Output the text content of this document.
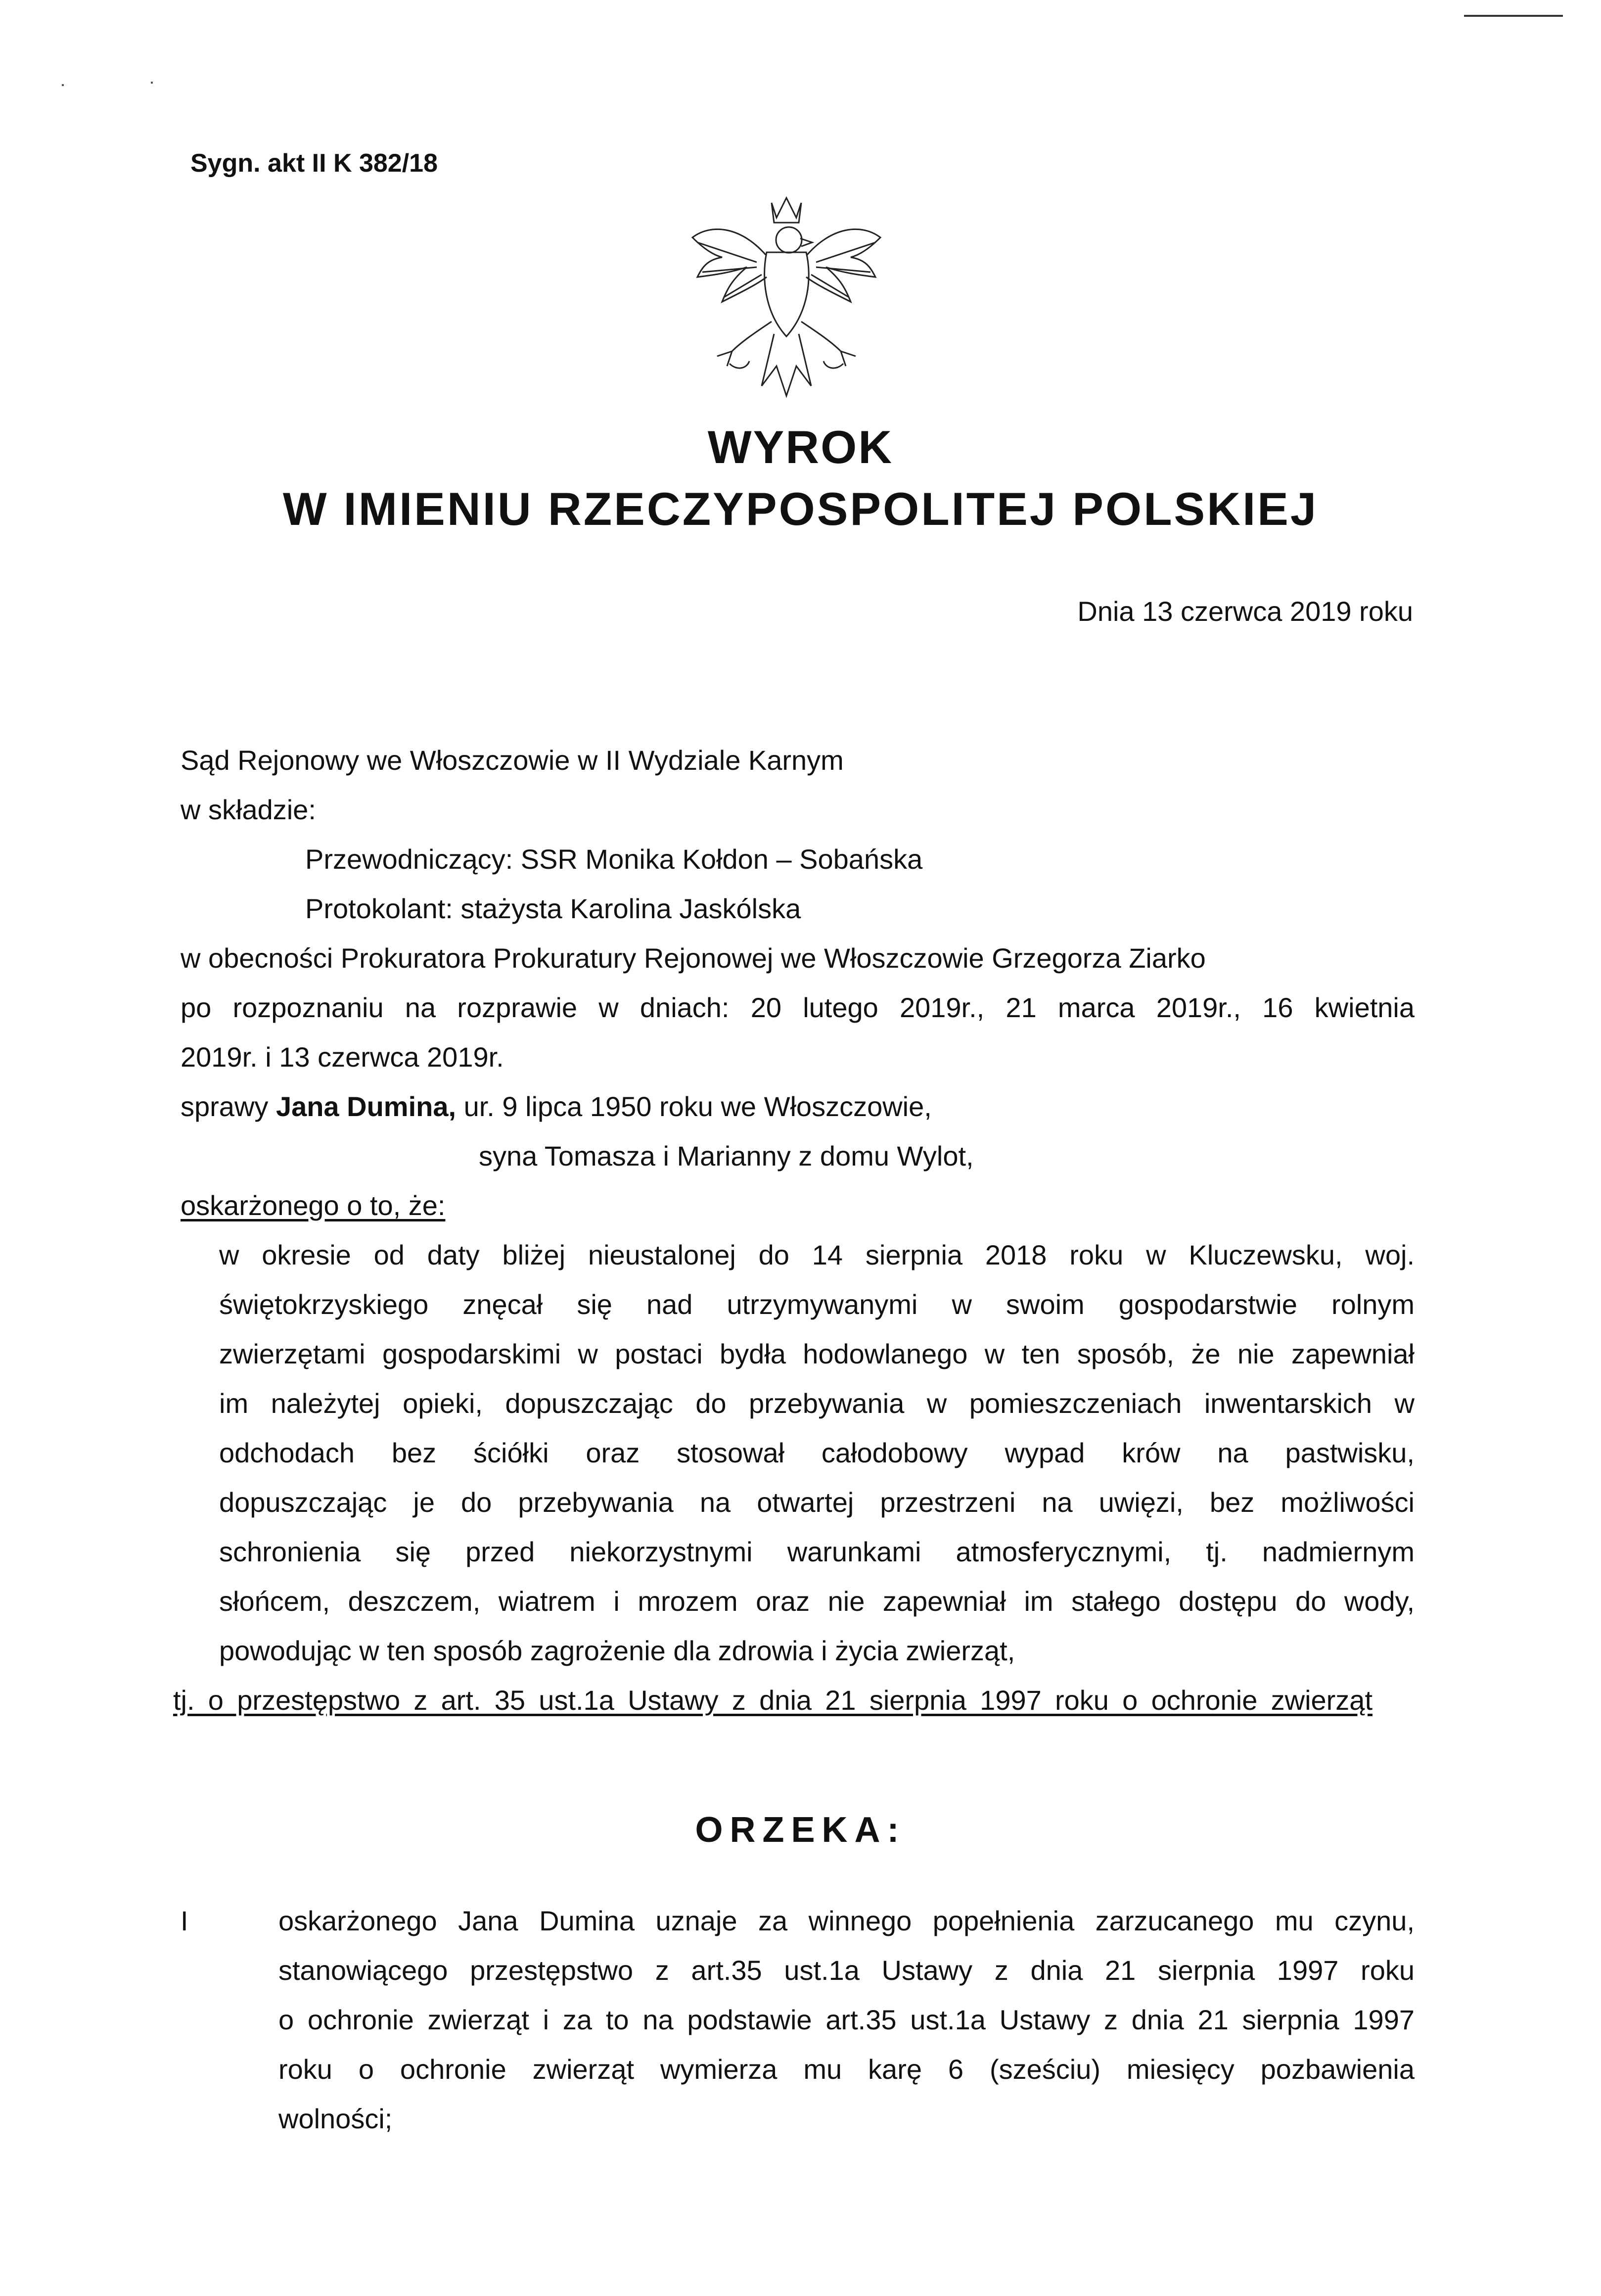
Sygn. akt II K 382/18
WYROK
W IMIENIU RZECZYPOSPOLITEJ POLSKIEJ
Dnia 13 czerwca 2019 roku
Sąd Rejonowy we Włoszczowie w II Wydziale Karnym
w składzie:
Przewodniczący: SSR Monika Kołdon – Sobańska
Protokolant: stażysta Karolina Jaskólska
w obecności Prokuratora Prokuratury Rejonowej we Włoszczowie Grzegorza Ziarko
po rozpoznaniu na rozprawie w dniach: 20 lutego 2019r., 21 marca 2019r., 16 kwietnia
2019r. i 13 czerwca 2019r.
sprawy Jana Dumina, ur. 9 lipca 1950 roku we Włoszczowie,
syna Tomasza i Marianny z domu Wylot,
oskarżonego o to, że:
w okresie od daty bliżej nieustalonej do 14 sierpnia 2018 roku w Kluczewsku, woj.
świętokrzyskiego znęcał się nad utrzymywanymi w swoim gospodarstwie rolnym
zwierzętami gospodarskimi w postaci bydła hodowlanego w ten sposób, że nie zapewniał
im należytej opieki, dopuszczając do przebywania w pomieszczeniach inwentarskich w
odchodach bez ściółki oraz stosował całodobowy wypad krów na pastwisku,
dopuszczając je do przebywania na otwartej przestrzeni na uwięzi, bez możliwości
schronienia się przed niekorzystnymi warunkami atmosferycznymi, tj. nadmiernym
słońcem, deszczem, wiatrem i mrozem oraz nie zapewniał im stałego dostępu do wody,
powodując w ten sposób zagrożenie dla zdrowia i życia zwierząt,
tj. o przestępstwo z art. 35 ust.1a Ustawy z dnia 21 sierpnia 1997 roku o ochronie zwierząt
ORZEKA:
I	oskarżonego Jana Dumina uznaje za winnego popełnienia zarzucanego mu czynu,
stanowiącego przestępstwo z art.35 ust.1a Ustawy z dnia 21 sierpnia 1997 roku
o ochronie zwierząt i za to na podstawie art.35 ust.1a Ustawy z dnia 21 sierpnia 1997
roku o ochronie zwierząt wymierza mu karę 6 (sześciu) miesięcy pozbawienia
wolności;
